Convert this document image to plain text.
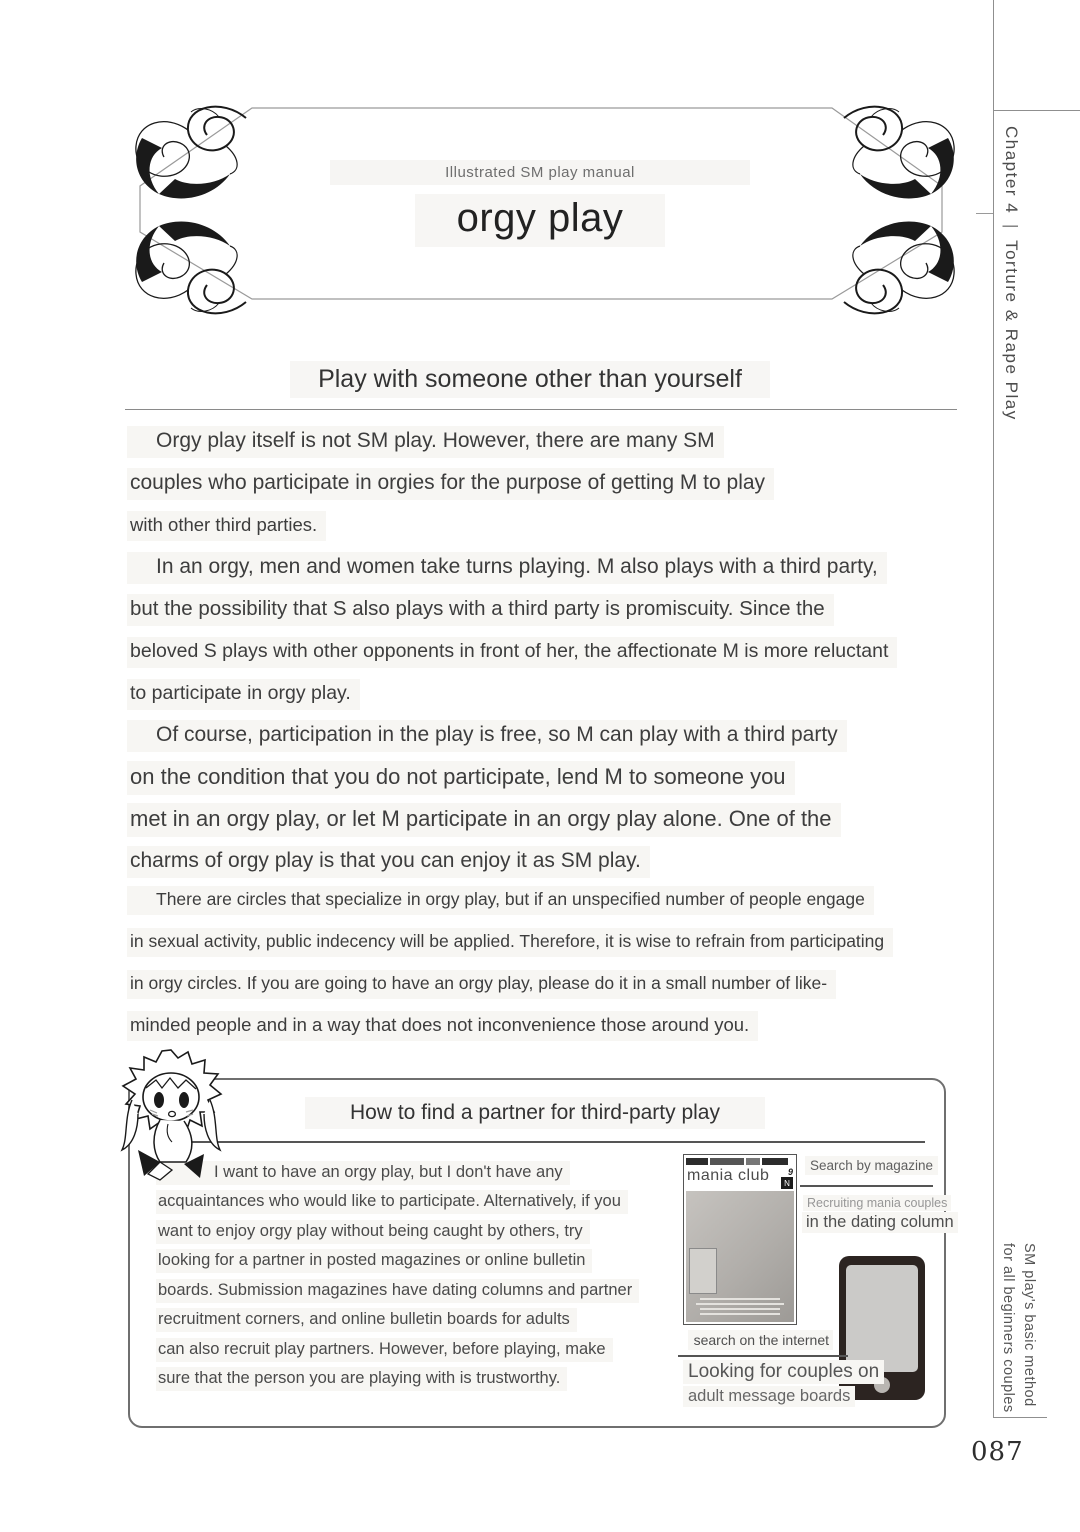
Chapter 4|Torture & Rape Play
SM play's basic method
for all beginners couples
087
Illustrated SM play manual
orgy play
Play with someone other than yourself
Orgy play itself is not SM play. However, there are many SM
couples who participate in orgies for the purpose of getting M to play
with other third parties.
In an orgy, men and women take turns playing. M also plays with a third party,
but the possibility that S also plays with a third party is promiscuity. Since the
beloved S plays with other opponents in front of her, the affectionate M is more reluctant
to participate in orgy play.
Of course, participation in the play is free, so M can play with a third party
on the condition that you do not participate, lend M to someone you
met in an orgy play, or let M participate in an orgy play alone. One of the
charms of orgy play is that you can enjoy it as SM play.
There are circles that specialize in orgy play, but if an unspecified number of people engage
in sexual activity, public indecency will be applied. Therefore, it is wise to refrain from participating
in orgy circles. If you are going to have an orgy play, please do it in a small number of like-
minded people and in a way that does not inconvenience those around you.
How to find a partner for third-party play
I want to have an orgy play, but I don't have any
acquaintances who would like to participate. Alternatively, if you
want to enjoy orgy play without being caught by others, try
looking for a partner in posted magazines or online bulletin
boards. Submission magazines have dating columns and partner
recruitment corners, and online bulletin boards for adults
can also recruit play partners. However, before playing, make
sure that the person you are playing with is trustworthy.
mania club	9
N
Search by magazine
Recruiting mania couples
in the dating column
search on the internet
Looking for couples on
adult message boards
